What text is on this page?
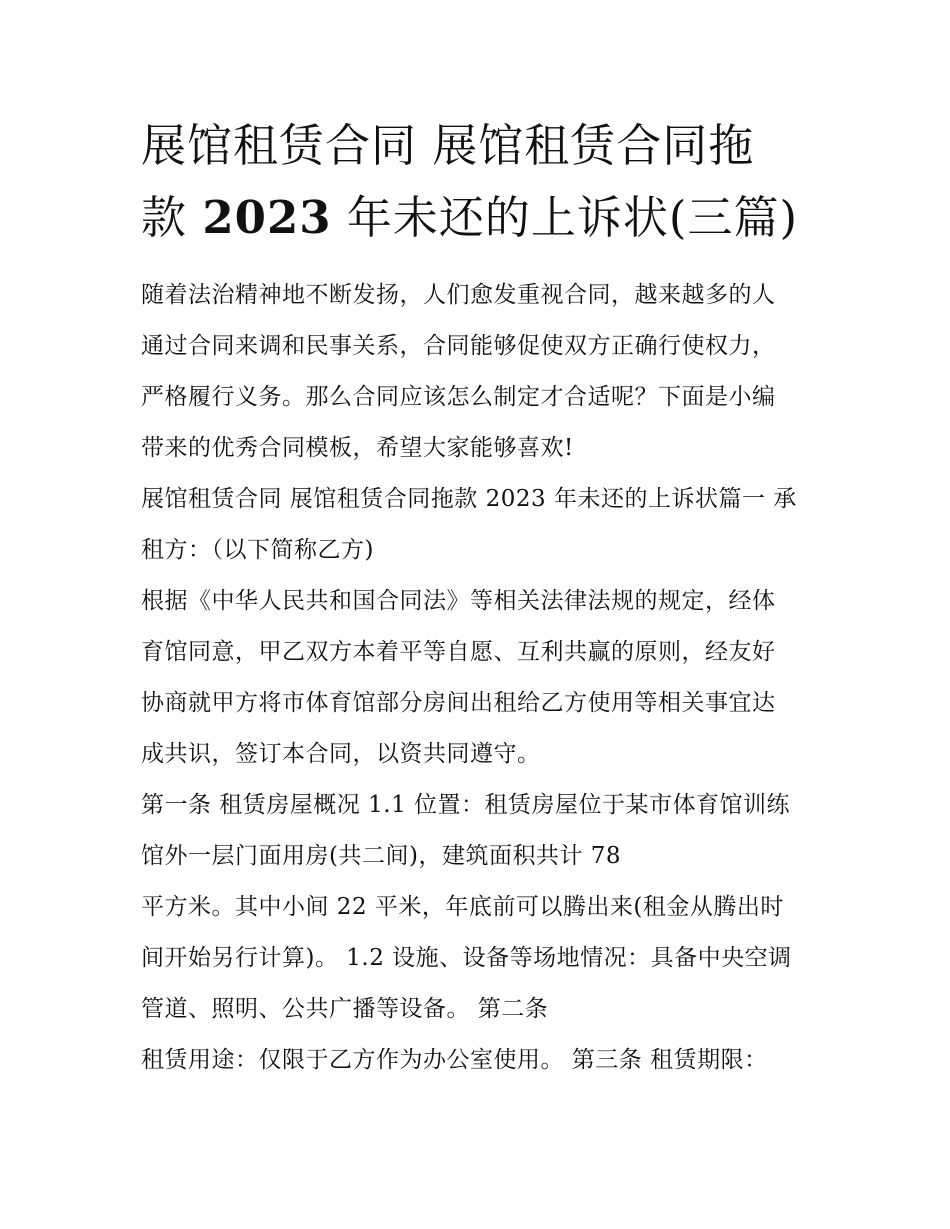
展馆租赁合同 展馆租赁合同拖
款 2023 年未还的上诉状(三篇)

随着法治精神地不断发扬，人们愈发重视合同，越来越多的人
通过合同来调和民事关系，合同能够促使双方正确行使权力，
严格履行义务。那么合同应该怎么制定才合适呢？下面是小编
带来的优秀合同模板，希望大家能够喜欢!

展馆租赁合同 展馆租赁合同拖款 2023 年未还的上诉状篇一 承
租方：（以下简称乙方)

根据《中华人民共和国合同法》等相关法律法规的规定，经体
育馆同意，甲乙双方本着平等自愿、互利共赢的原则，经友好
协商就甲方将市体育馆部分房间出租给乙方使用等相关事宜达
成共识，签订本合同，以资共同遵守。

第一条 租赁房屋概况 1.1 位置：租赁房屋位于某市体育馆训练
馆外一层门面用房(共二间)，建筑面积共计 78

平方米。其中小间 22 平米，年底前可以腾出来(租金从腾出时
间开始另行计算)。 1.2 设施、设备等场地情况：具备中央空调
管道、照明、公共广播等设备。 第二条

租赁用途：仅限于乙方作为办公室使用。 第三条 租赁期限：
